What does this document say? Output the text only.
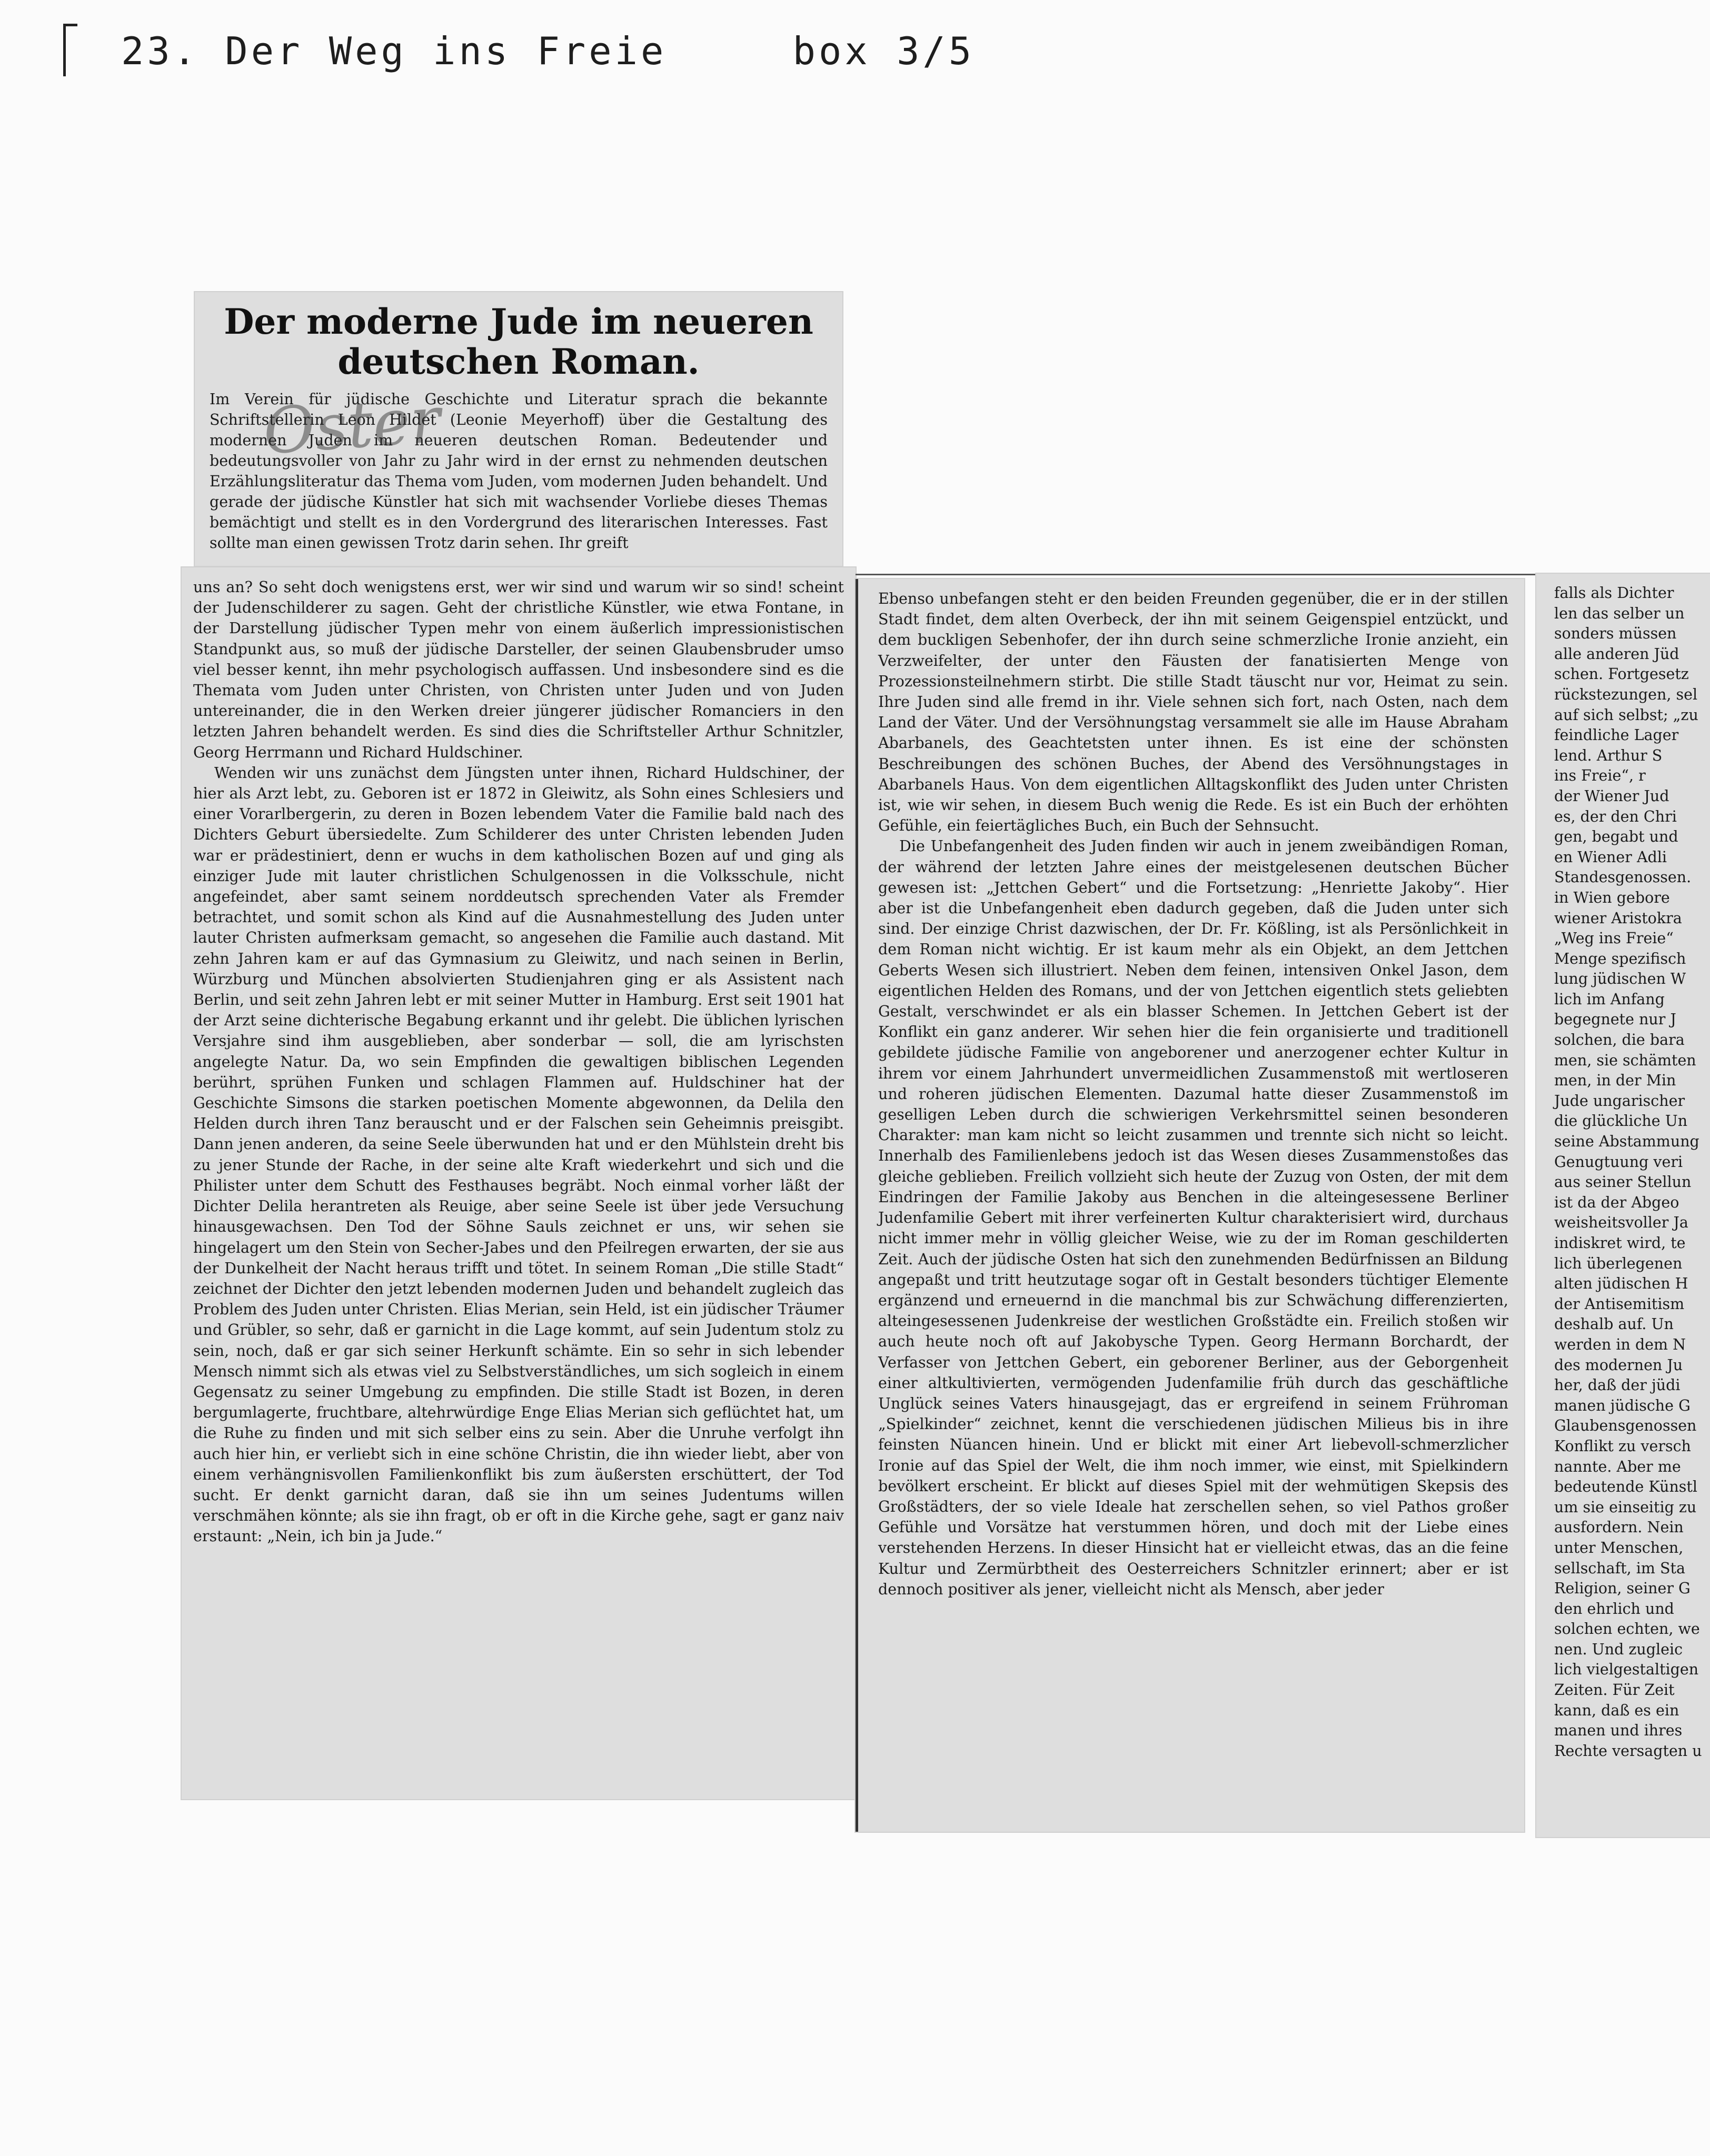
23. Der Weg ins Freie	box 3/5
Der moderne Jude im neueren deutschen Roman.

Im Verein für jüdische Geschichte und Literatur sprach die bekannte Schriftstellerin Leon Hildet (Leonie Meyerhoff) über die Gestaltung des modernen Juden im neueren deutschen Roman. Bedeutender und bedeutungsvoller von Jahr zu Jahr wird in der ernst zu nehmenden deutschen Erzählungsliteratur das Thema vom Juden, vom modernen Juden behandelt. Und gerade der jüdische Künstler hat sich mit wachsender Vorliebe dieses Themas bemächtigt und stellt es in den Vordergrund des literarischen Interesses. Fast sollte man einen gewissen Trotz darin sehen. Ihr greift

Oster

uns an? So seht doch wenigstens erst, wer wir sind und warum wir so sind! scheint der Judenschilderer zu sagen. Geht der christliche Künstler, wie etwa Fontane, in der Darstellung jüdischer Typen mehr von einem äußerlich impressionistischen Standpunkt aus, so muß der jüdische Darsteller, der seinen Glaubensbruder umso viel besser kennt, ihn mehr psychologisch auffassen. Und insbesondere sind es die Themata vom Juden unter Christen, von Christen unter Juden und von Juden untereinander, die in den Werken dreier jüngerer jüdischer Romanciers in den letzten Jahren behandelt werden. Es sind dies die Schriftsteller Arthur Schnitzler, Georg Herrmann und Richard Huldschiner.

Wenden wir uns zunächst dem Jüngsten unter ihnen, Richard Huldschiner, der hier als Arzt lebt, zu. Geboren ist er 1872 in Gleiwitz, als Sohn eines Schlesiers und einer Vorarlbergerin, zu deren in Bozen lebendem Vater die Familie bald nach des Dichters Geburt übersiedelte. Zum Schilderer des unter Christen lebenden Juden war er prädestiniert, denn er wuchs in dem katholischen Bozen auf und ging als einziger Jude mit lauter christlichen Schulgenossen in die Volksschule, nicht angefeindet, aber samt seinem norddeutsch sprechenden Vater als Fremder betrachtet, und somit schon als Kind auf die Ausnahmestellung des Juden unter lauter Christen aufmerksam gemacht, so angesehen die Familie auch dastand. Mit zehn Jahren kam er auf das Gymnasium zu Gleiwitz, und nach seinen in Berlin, Würzburg und München absolvierten Studienjahren ging er als Assistent nach Berlin, und seit zehn Jahren lebt er mit seiner Mutter in Hamburg. Erst seit 1901 hat der Arzt seine dichterische Begabung erkannt und ihr gelebt. Die üblichen lyrischen Versjahre sind ihm ausgeblieben, aber sonderbar — soll, die am lyrischsten angelegte Natur. Da, wo sein Empfinden die gewaltigen biblischen Legenden berührt, sprühen Funken und schlagen Flammen auf. Huldschiner hat der Geschichte Simsons die starken poetischen Momente abgewonnen, da Delila den Helden durch ihren Tanz berauscht und er der Falschen sein Geheimnis preisgibt. Dann jenen anderen, da seine Seele überwunden hat und er den Mühlstein dreht bis zu jener Stunde der Rache, in der seine alte Kraft wiederkehrt und sich und die Philister unter dem Schutt des Festhauses begräbt. Noch einmal vorher läßt der Dichter Delila herantreten als Reuige, aber seine Seele ist über jede Versuchung hinausgewachsen. Den Tod der Söhne Sauls zeichnet er uns, wir sehen sie hingelagert um den Stein von Secher-Jabes und den Pfeilregen erwarten, der sie aus der Dunkelheit der Nacht heraus trifft und tötet. In seinem Roman „Die stille Stadt“ zeichnet der Dichter den jetzt lebenden modernen Juden und behandelt zugleich das Problem des Juden unter Christen. Elias Merian, sein Held, ist ein jüdischer Träumer und Grübler, so sehr, daß er garnicht in die Lage kommt, auf sein Judentum stolz zu sein, noch, daß er gar sich seiner Herkunft schämte. Ein so sehr in sich lebender Mensch nimmt sich als etwas viel zu Selbstverständliches, um sich sogleich in einem Gegensatz zu seiner Umgebung zu empfinden. Die stille Stadt ist Bozen, in deren bergumlagerte, fruchtbare, altehrwürdige Enge Elias Merian sich geflüchtet hat, um die Ruhe zu finden und mit sich selber eins zu sein. Aber die Unruhe verfolgt ihn auch hier hin, er verliebt sich in eine schöne Christin, die ihn wieder liebt, aber von einem verhängnisvollen Familienkonflikt bis zum äußersten erschüttert, der Tod sucht. Er denkt garnicht daran, daß sie ihn um seines Judentums willen verschmähen könnte; als sie ihn fragt, ob er oft in die Kirche gehe, sagt er ganz naiv erstaunt: „Nein, ich bin ja Jude.“

Ebenso unbefangen steht er den beiden Freunden gegenüber, die er in der stillen Stadt findet, dem alten Overbeck, der ihn mit seinem Geigenspiel entzückt, und dem buckligen Sebenhofer, der ihn durch seine schmerzliche Ironie anzieht, ein Verzweifelter, der unter den Fäusten der fanatisierten Menge von Prozessionsteilnehmern stirbt. Die stille Stadt täuscht nur vor, Heimat zu sein. Ihre Juden sind alle fremd in ihr. Viele sehnen sich fort, nach Osten, nach dem Land der Väter. Und der Versöhnungstag versammelt sie alle im Hause Abraham Abarbanels, des Geachtetsten unter ihnen. Es ist eine der schönsten Beschreibungen des schönen Buches, der Abend des Versöhnungstages in Abarbanels Haus. Von dem eigentlichen Alltagskonflikt des Juden unter Christen ist, wie wir sehen, in diesem Buch wenig die Rede. Es ist ein Buch der erhöhten Gefühle, ein feiertägliches Buch, ein Buch der Sehnsucht.

Die Unbefangenheit des Juden finden wir auch in jenem zweibändigen Roman, der während der letzten Jahre eines der meistgelesenen deutschen Bücher gewesen ist: „Jettchen Gebert“ und die Fortsetzung: „Henriette Jakoby“. Hier aber ist die Unbefangenheit eben dadurch gegeben, daß die Juden unter sich sind. Der einzige Christ dazwischen, der Dr. Fr. Kößling, ist als Persönlichkeit in dem Roman nicht wichtig. Er ist kaum mehr als ein Objekt, an dem Jettchen Geberts Wesen sich illustriert. Neben dem feinen, intensiven Onkel Jason, dem eigentlichen Helden des Romans, und der von Jettchen eigentlich stets geliebten Gestalt, verschwindet er als ein blasser Schemen. In Jettchen Gebert ist der Konflikt ein ganz anderer. Wir sehen hier die fein organisierte und traditionell gebildete jüdische Familie von angeborener und anerzogener echter Kultur in ihrem vor einem Jahrhundert unvermeidlichen Zusammenstoß mit wertloseren und roheren jüdischen Elementen. Dazumal hatte dieser Zusammenstoß im geselligen Leben durch die schwierigen Verkehrsmittel seinen besonderen Charakter: man kam nicht so leicht zusammen und trennte sich nicht so leicht. Innerhalb des Familienlebens jedoch ist das Wesen dieses Zusammenstoßes das gleiche geblieben. Freilich vollzieht sich heute der Zuzug von Osten, der mit dem Eindringen der Familie Jakoby aus Benchen in die alteingesessene Berliner Judenfamilie Gebert mit ihrer verfeinerten Kultur charakterisiert wird, durchaus nicht immer mehr in völlig gleicher Weise, wie zu der im Roman geschilderten Zeit. Auch der jüdische Osten hat sich den zunehmenden Bedürfnissen an Bildung angepaßt und tritt heutzutage sogar oft in Gestalt besonders tüchtiger Elemente ergänzend und erneuernd in die manchmal bis zur Schwächung differenzierten, alteingesessenen Judenkreise der westlichen Großstädte ein. Freilich stoßen wir auch heute noch oft auf Jakobysche Typen. Georg Hermann Borchardt, der Verfasser von Jettchen Gebert, ein geborener Berliner, aus der Geborgenheit einer altkultivierten, vermögenden Judenfamilie früh durch das geschäftliche Unglück seines Vaters hinausgejagt, das er ergreifend in seinem Frühroman „Spielkinder“ zeichnet, kennt die verschiedenen jüdischen Milieus bis in ihre feinsten Nüancen hinein. Und er blickt mit einer Art liebevoll-schmerzlicher Ironie auf das Spiel der Welt, die ihm noch immer, wie einst, mit Spielkindern bevölkert erscheint. Er blickt auf dieses Spiel mit der wehmütigen Skepsis des Großstädters, der so viele Ideale hat zerschellen sehen, so viel Pathos großer Gefühle und Vorsätze hat verstummen hören, und doch mit der Liebe eines verstehenden Herzens. In dieser Hinsicht hat er vielleicht etwas, das an die feine Kultur und Zermürbtheit des Oesterreichers Schnitzler erinnert; aber er ist dennoch positiver als jener, vielleicht nicht als Mensch, aber jeder

falls als Dichter

len das selber un

sonders müssen

alle anderen Jüd

schen. Fortgesetz

rückstezungen, sel

auf sich selbst; „zu

feindliche Lager

lend. Arthur S

ins Freie“, r

der Wiener Jud

es, der den Chri

gen, begabt und

en Wiener Adli

Standesgenossen.

in Wien gebore

wiener Aristokra

„Weg ins Freie“

Menge spezifisch

lung jüdischen W

lich im Anfang

begegnete nur J

solchen, die bara

men, sie schämten

men, in der Min

Jude ungarischer

die glückliche Un

seine Abstammung

Genugtuung veri

aus seiner Stellun

ist da der Abgeo

weisheitsvoller Ja

indiskret wird, te

lich überlegenen

alten jüdischen H

der Antisemitism

deshalb auf. Un

werden in dem N

des modernen Ju

her, daß der jüdi

manen jüdische G

Glaubensgenossen

Konflikt zu versch

nannte. Aber me

bedeutende Künstl

um sie einseitig zu

ausfordern. Nein

unter Menschen,

sellschaft, im Sta

Religion, seiner G

den ehrlich und

solchen echten, we

nen. Und zugleic

lich vielgestaltigen

Zeiten. Für Zeit

kann, daß es ein

manen und ihres

Rechte versagten u
